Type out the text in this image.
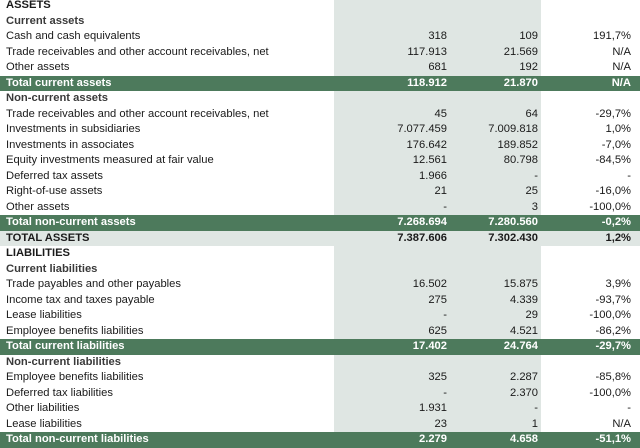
ASSETS
Current assets
Cash and cash equivalents	318	109	191,7%
Trade receivables and other account receivables, net	117.913	21.569	N/A
Other assets	681	192	N/A
Total current assets	118.912	21.870	N/A
Non-current assets
Trade receivables and other account receivables, net	45	64	-29,7%
Investments in subsidiaries	7.077.459	7.009.818	1,0%
Investments in associates	176.642	189.852	-7,0%
Equity investments measured at fair value	12.561	80.798	-84,5%
Deferred tax assets	1.966	-	-
Right-of-use assets	21	25	-16,0%
Other assets	-	3	-100,0%
Total non-current assets	7.268.694	7.280.560	-0,2%
TOTAL ASSETS	7.387.606	7.302.430	1,2%
LIABILITIES
Current liabilities
Trade payables and other payables	16.502	15.875	3,9%
Income tax and taxes payable	275	4.339	-93,7%
Lease liabilities	-	29	-100,0%
Employee benefits liabilities	625	4.521	-86,2%
Total current liabilities	17.402	24.764	-29,7%
Non-current liabilities
Employee benefits liabilities	325	2.287	-85,8%
Deferred tax liabilities	-	2.370	-100,0%
Other liabilities	1.931	-	-
Lease liabilities	23	1	N/A
Total non-current liabilities	2.279	4.658	-51,1%
